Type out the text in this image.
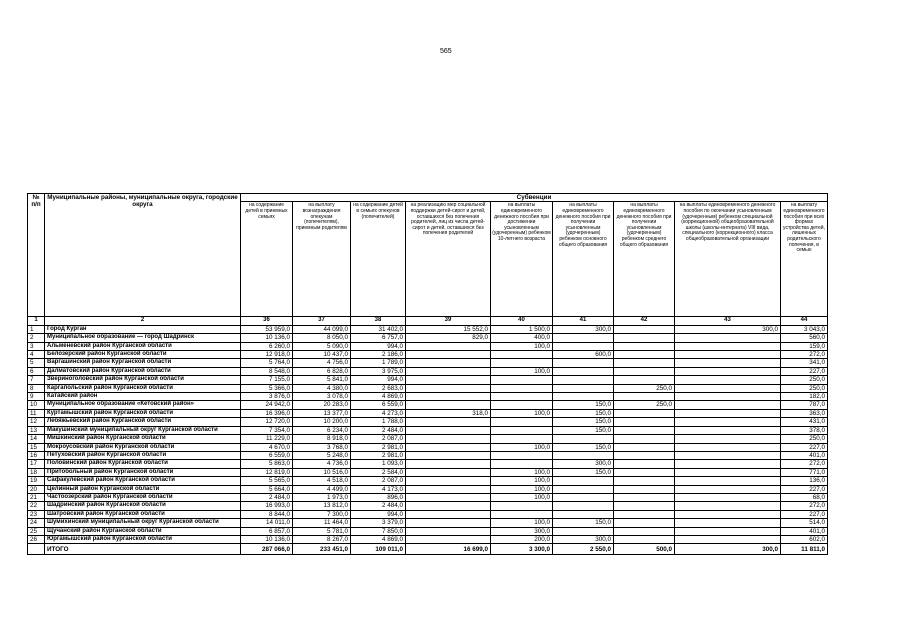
565
№ п/п	Муниципальные районы, муниципальные округа, городские округа	Субвенции								
		на содержание детей в приемных семьях	на выплату вознаграждения опекунам (попечителям), приемным родителям	на содержание детей в семьях опекунов (попечителей)	на реализацию мер социальной поддержки детей-сирот и детей, оставшихся без попечения родителей, лиц из числа детей-сирот и детей, оставшихся без попечения родителей	на выплаты единовременного денежного пособия при достижении усыновленным (удочеренным) ребенком 10-летнего возраста	на выплаты единовременного денежного пособия при получении усыновленным (удочеренным) ребенком основного общего образования	на выплаты единовременного денежного пособия при получении усыновленным (удочеренным) ребенком среднего общего образования	на выплаты единовременного денежного пособия по окончании усыновленным (удочеренным) ребенком специальной (коррекционной) общеобразовательной школы (школы-интерната) VIII вида, специального (коррекционного) класса общеобразовательной организации	на выплату единовременного пособия при всех формах устройства детей, лишенных родительского попечения, в семью
1	2	36	37	38	39	40	41	42	43	44
1	Город Курган	53 959,0	44 099,0	31 402,0	15 552,0	1 500,0	300,0		300,0	3 043,0
2	Муниципальное образование — город Шадринск	10 136,0	8 050,0	6 757,0	829,0	400,0				560,0
3	Альменевский район Курганской области	6 260,0	5 090,0	994,0		100,0				159,0
4	Белозерский район Курганской области	12 918,0	10 437,0	2 186,0			600,0			272,0
5	Варгашинский район Курганской области	5 764,0	4 756,0	1 789,0						341,0
6	Далматовский район Курганской области	8 548,0	6 828,0	3 975,0		100,0				227,0
7	Звериноголовский район Курганской области	7 155,0	5 841,0	994,0						250,0
8	Каргапольский район Курганской области	5 366,0	4 380,0	2 683,0				250,0		250,0
9	Катайский район	3 876,0	3 078,0	4 869,0						182,0
10	Муниципальное образование «Кетовский район»	24 942,0	20 283,0	6 559,0			150,0	250,0		787,0
11	Куртамышский район Курганской области	16 396,0	13 377,0	4 273,0	318,0	100,0	150,0			363,0
12	Лебяжьевский район Курганской области	12 720,0	10 200,0	1 788,0			150,0			431,0
13	Макушинский муниципальный округ Курганской области	7 354,0	6 234,0	2 484,0			150,0			378,0
14	Мишкинский район Курганской области	11 229,0	8 918,0	2 087,0						250,0
15	Мокроусовский район Курганской области	4 670,0	3 768,0	2 981,0		100,0	150,0			227,0
16	Петуховский район Курганской области	6 559,0	5 248,0	2 981,0						401,0
17	Половинский район Курганской области	5 863,0	4 736,0	1 093,0			300,0			272,0
18	Притобольный район Курганской области	12 819,0	10 516,0	2 584,0		100,0	150,0			771,0
19	Сафакулевский район Курганской области	5 565,0	4 518,0	2 087,0		100,0				136,0
20	Целинный район Курганской области	5 664,0	4 499,0	4 173,0		100,0				227,0
21	Частоозерский район Курганской области	2 484,0	1 973,0	896,0		100,0				68,0
22	Шадринский район Курганской области	16 993,0	13 812,0	2 484,0						272,0
23	Шатровский район Курганской области	8 844,0	7 300,0	994,0						227,0
24	Шумихинский муниципальный округ Курганской области	14 011,0	11 464,0	3 379,0		100,0	150,0			514,0
25	Щучанский район Курганской области	6 857,0	5 781,0	7 850,0		300,0				401,0
26	Юргамышский район Курганской области	10 136,0	8 267,0	4 869,0		200,0	300,0			602,0
	ИТОГО	287 066,0	233 451,0	109 011,0	16 699,0	3 300,0	2 550,0	500,0	300,0	11 811,0
